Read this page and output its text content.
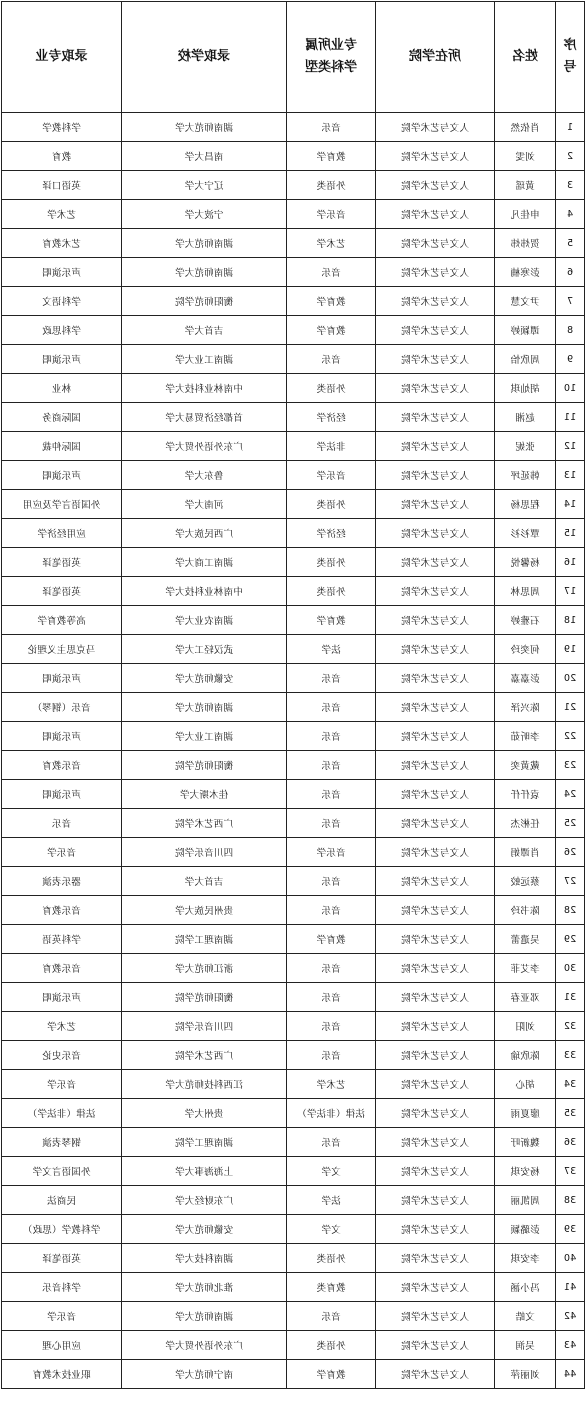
序号	姓名	所在学院	专业所属学科类型	录取学校	录取专业
1	肖依然	人文与艺术学院	音乐	湖南师范大学	学科教学
2	刘雯	人文与艺术学院	教育学	南昌大学	教育
3	黄瑶	人文与艺术学院	外语类	辽宁大学	英语口译
4	申佳凡	人文与艺术学院	音乐学	宁波大学	艺术学
5	贺炜炜	人文与艺术学院	艺术学	湖南师范大学	艺术教育
6	彭寒楠	人文与艺术学院	音乐	湖南师范大学	声乐演唱
7	尹文慧	人文与艺术学院	教育学	衡阳师范学院	学科语文
8	谭颖婷	人文与艺术学院	教育学	吉首大学	学科思政
9	周欣怡	人文与艺术学院	音乐	湖南工业大学	声乐演唱
10	胡灿琪	人文与艺术学院	外语类	中南林业科技大学	林业
11	赵湘	人文与艺术学院	经济学	首都经济贸易大学	国际商务
12	张妮	人文与艺术学院	非法学	广东外语外贸大学	国际仲裁
13	韩延坪	人文与艺术学院	音乐学	鲁东大学	声乐演唱
14	程思杨	人文与艺术学院	外语类	河南大学	外国语言学及应用
15	覃衫衫	人文与艺术学院	经济学	广西民族大学	应用经济学
16	杨馨悦	人文与艺术学院	外语类	湖南工商大学	英语笔译
17	周思林	人文与艺术学院	外语类	中南林业科技大学	英语笔译
18	石雅婷	人文与艺术学院	教育学	湖南农业大学	高等教育学
19	何奕玲	人文与艺术学院	法学	武汉轻工大学	马克思主义理论
20	彭嘉嘉	人文与艺术学院	音乐	安徽师范大学	声乐演唱
21	陈兴泽	人文与艺术学院	音乐	湖南师范大学	音乐（钢琴）
22	李昕茹	人文与艺术学院	音乐	湖南工业大学	声乐演唱
23	戴黄奕	人文与艺术学院	音乐	衡阳师范学院	音乐教育
24	袁仟仟	人文与艺术学院	音乐	佳木斯大学	声乐演唱
25	任彬杰	人文与艺术学院	音乐	广西艺术学院	音乐
26	肖谭娟	人文与艺术学院	音乐学	四川音乐学院	音乐学
27	蔡远蛟	人文与艺术学院	音乐	吉首大学	器乐表演
28	陈书玲	人文与艺术学院	音乐	贵州民族大学	音乐教育
29	吴遣蕾	人文与艺术学院	教育学	湖南理工学院	学科英语
30	李艾菲	人文与艺术学院	音乐	浙江师范大学	音乐教育
31	邓亚春	人文与艺术学院	音乐	衡阳师范学院	声乐演唱
32	刘阳	人文与艺术学院	音乐	四川音乐学院	艺术学
33	陈欣瑜	人文与艺术学院	音乐	广西艺术学院	音乐史论
34	胡心	人文与艺术学院	艺术学	江西科技师范大学	音乐学
35	廖夏雨	人文与艺术学院	法律（非法学）	贵州大学	法律（非法学）
36	魏新吁	人文与艺术学院	音乐	湖南理工学院	钢琴表演
37	杨安琪	人文与艺术学院	文学	上海海事大学	外国语言文学
38	周凯丽	人文与艺术学院	法学	广东财经大学	民商法
39	彭璐颖	人文与艺术学院	文学	安徽师范大学	学科教学（思政）
40	李安琪	人文与艺术学院	外语类	湖南科技大学	英语笔译
41	冯小涵	人文与艺术学院	教育类	淮北师范大学	学科音乐
42	文皓	人文与艺术学院	音乐	湖南师范大学	音乐学
43	吴润	人文与艺术学院	外语类	广东外语外贸大学	应用心理
44	刘丽萍	人文与艺术学院	教育学	南宁师范大学	职业技术教育
